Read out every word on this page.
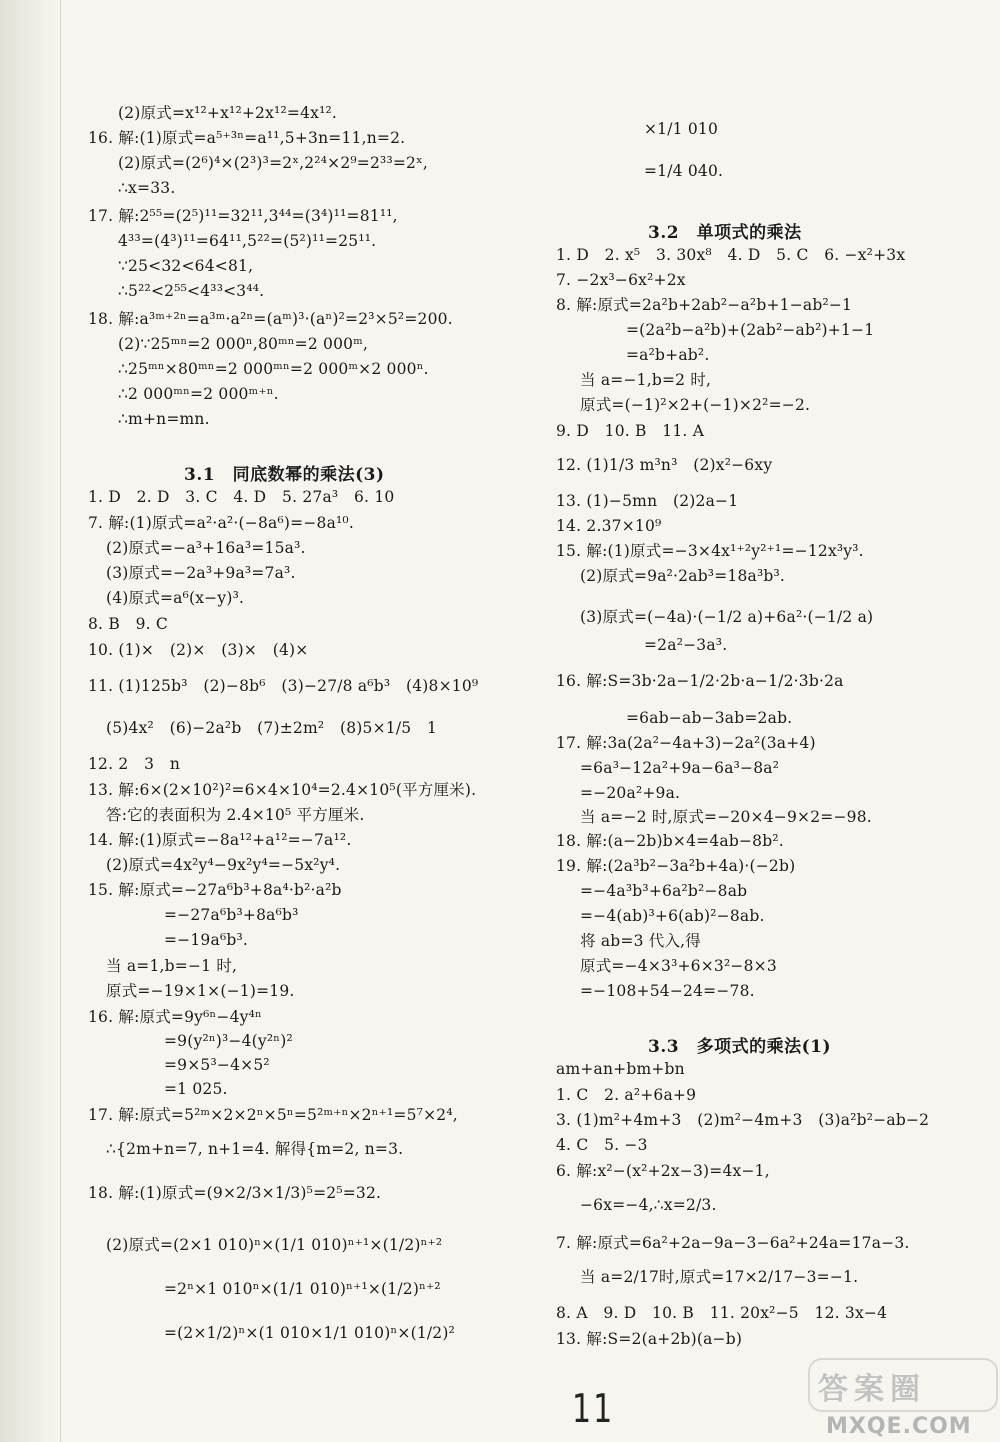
(2)原式=x¹²+x¹²+2x¹²=4x¹².
16. 解:(1)原式=a⁵⁺³ⁿ=a¹¹,5+3n=11,n=2.
(2)原式=(2⁶)⁴×(2³)³=2ˣ,2²⁴×2⁹=2³³=2ˣ,
∴x=33.
17. 解:2⁵⁵=(2⁵)¹¹=32¹¹,3⁴⁴=(3⁴)¹¹=81¹¹,
4³³=(4³)¹¹=64¹¹,5²²=(5²)¹¹=25¹¹.
∵25<32<64<81,
∴5²²<2⁵⁵<4³³<3⁴⁴.
18. 解:a³ᵐ⁺²ⁿ=a³ᵐ·a²ⁿ=(aᵐ)³·(aⁿ)²=2³×5²=200.
(2)∵25ᵐⁿ=2 000ⁿ,80ᵐⁿ=2 000ᵐ,
∴25ᵐⁿ×80ᵐⁿ=2 000ᵐⁿ=2 000ᵐ×2 000ⁿ.
∴2 000ᵐⁿ=2 000ᵐ⁺ⁿ.
∴m+n=mn.
3.1　同底数幂的乘法(3)
1. D　2. D　3. C　4. D　5. 27a³　6. 10
7. 解:(1)原式=a²·a²·(−8a⁶)=−8a¹⁰.
(2)原式=−a³+16a³=15a³.
(3)原式=−2a³+9a³=7a³.
(4)原式=a⁶(x−y)³.
8. B　9. C
10. (1)×　(2)×　(3)×　(4)×
11. (1)125b³　(2)−8b⁶　(3)−27/8 a⁶b³　(4)8×10⁹
(5)4x²　(6)−2a²b　(7)±2m²　(8)5×1/5　1
12. 2　3　n
13. 解:6×(2×10²)²=6×4×10⁴=2.4×10⁵(平方厘米).
答:它的表面积为 2.4×10⁵ 平方厘米.
14. 解:(1)原式=−8a¹²+a¹²=−7a¹².
(2)原式=4x²y⁴−9x²y⁴=−5x²y⁴.
15. 解:原式=−27a⁶b³+8a⁴·b²·a²b
=−27a⁶b³+8a⁶b³
=−19a⁶b³.
当 a=1,b=−1 时,
原式=−19×1×(−1)=19.
16. 解:原式=9y⁶ⁿ−4y⁴ⁿ
=9(y²ⁿ)³−4(y²ⁿ)²
=9×5³−4×5²
=1 025.
17. 解:原式=5²ᵐ×2×2ⁿ×5ⁿ=5²ᵐ⁺ⁿ×2ⁿ⁺¹=5⁷×2⁴,
∴{2m+n=7, n+1=4. 解得{m=2, n=3.
18. 解:(1)原式=(9×2/3×1/3)⁵=2⁵=32.
(2)原式=(2×1 010)ⁿ×(1/1 010)ⁿ⁺¹×(1/2)ⁿ⁺²
=2ⁿ×1 010ⁿ×(1/1 010)ⁿ⁺¹×(1/2)ⁿ⁺²
=(2×1/2)ⁿ×(1 010×1/1 010)ⁿ×(1/2)²
×1/1 010
=1/4 040.
3.2　单项式的乘法
1. D　2. x⁵　3. 30x⁸　4. D　5. C　6. −x²+3x
7. −2x³−6x²+2x
8. 解:原式=2a²b+2ab²−a²b+1−ab²−1
=(2a²b−a²b)+(2ab²−ab²)+1−1
=a²b+ab².
当 a=−1,b=2 时,
原式=(−1)²×2+(−1)×2²=−2.
9. D　10. B　11. A
12. (1)1/3 m³n³　(2)x²−6xy
13. (1)−5mn　(2)2a−1
14. 2.37×10⁹
15. 解:(1)原式=−3×4x¹⁺²y²⁺¹=−12x³y³.
(2)原式=9a²·2ab³=18a³b³.
(3)原式=(−4a)·(−1/2 a)+6a²·(−1/2 a)
=2a²−3a³.
16. 解:S=3b·2a−1/2·2b·a−1/2·3b·2a
=6ab−ab−3ab=2ab.
17. 解:3a(2a²−4a+3)−2a²(3a+4)
=6a³−12a²+9a−6a³−8a²
=−20a²+9a.
当 a=−2 时,原式=−20×4−9×2=−98.
18. 解:(a−2b)b×4=4ab−8b².
19. 解:(2a³b²−3a²b+4a)·(−2b)
=−4a³b³+6a²b²−8ab
=−4(ab)³+6(ab)²−8ab.
将 ab=3 代入,得
原式=−4×3³+6×3²−8×3
=−108+54−24=−78.
3.3　多项式的乘法(1)
am+an+bm+bn
1. C　2. a²+6a+9
3. (1)m²+4m+3　(2)m²−4m+3　(3)a²b²−ab−2
4. C　5. −3
6. 解:x²−(x²+2x−3)=4x−1,
−6x=−4,∴x=2/3.
7. 解:原式=6a²+2a−9a−3−6a²+24a=17a−3.
当 a=2/17时,原式=17×2/17−3=−1.
8. A　9. D　10. B　11. 20x²−5　12. 3x−4
13. 解:S=2(a+2b)(a−b)
11	答案圈
MXQE.COM
